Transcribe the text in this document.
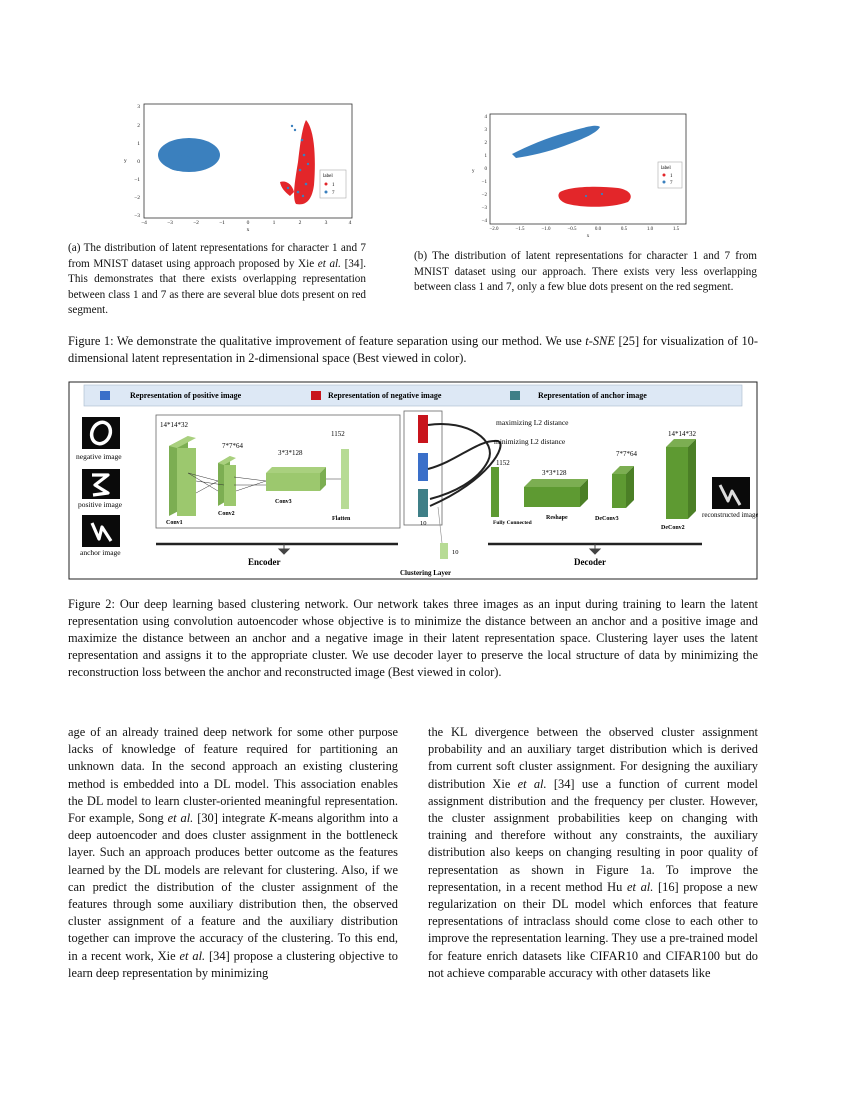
label
1
7
3
2
1
0
−1
−2
−3
y
−4	−3	−2	−1	0	1	2	3	4
x
label
1
7
4
3
2
1
0
−1
−2
−3
−4
y
−2.0	−1.5	−1.0	−0.5	0.0	0.5	1.0	1.5
x
(a) The distribution of latent representations for character 1 and 7 from MNIST dataset using approach proposed by Xie et al. [34]. This demonstrates that there exists overlapping representation between class 1 and 7 as there are several blue dots present on red segment.
(b) The distribution of latent representations for character 1 and 7 from MNIST dataset using our approach. There exists very less overlapping between class 1 and 7, only a few blue dots present on the red segment.
Figure 1: We demonstrate the qualitative improvement of feature separation using our method. We use t-SNE [25] for visualization of 10-dimensional latent representation in 2-dimensional space (Best viewed in color).
Representation of positive image	Representation of negative image	Representation of anchor image
negative image
positive image
anchor image
14*14*32
Conv1
7*7*64
Conv2
3*3*128
Conv3
1152
Flatten
10
maximizing L2 distance
minimizing L2 distance
10
Clustering Layer
1152
Fully Connected
3*3*128
Reshape
7*7*64
DeConv3
14*14*32
DeConv2
reconstructed image
Encoder	Decoder
Figure 2: Our deep learning based clustering network. Our network takes three images as an input during training to learn the latent representation using convolution autoencoder whose objective is to minimize the distance between an anchor and a positive image and maximize the distance between an anchor and a negative image in their latent representation space. Clustering layer uses the latent representation and assigns it to the appropriate cluster. We use decoder layer to preserve the local structure of data by minimizing the reconstruction loss between the anchor and reconstructed image (Best viewed in color).

age of an already trained deep network for some other purpose lacks of knowledge of feature required for partitioning an unknown data. In the second approach an existing clustering method is embedded into a DL model. This association enables the DL model to learn cluster-oriented meaningful representation. For example, Song et al. [30] integrate K-means algorithm into a deep autoencoder and does cluster assignment in the bottleneck layer. Such an approach produces better outcome as the features learned by the DL models are relevant for clustering. Also, if we can predict the distribution of the cluster assignment of the features through some auxiliary distribution then, the observed cluster assignment of a feature and the auxiliary distribution together can improve the accuracy of the clustering. To this end, in a recent work, Xie et al. [34] propose a clustering objective to learn deep representation by minimizing

the KL divergence between the observed cluster assignment probability and an auxiliary target distribution which is derived from current soft cluster assignment. For designing the auxiliary distribution Xie et al. [34] use a function of current model assignment distribution and the frequency per cluster. However, the cluster assignment probabilities keep on changing with training and therefore without any constraints, the auxiliary distribution also keeps on changing resulting in poor quality of representation as shown in Figure 1a. To improve the representation, in a recent method Hu et al. [16] propose a new regularization on their DL model which enforces that feature representations of intraclass should come close to each other to improve the representation learning. They use a pre-trained model for feature enrich datasets like CIFAR10 and CIFAR100 but do not achieve comparable accuracy with other datasets like
